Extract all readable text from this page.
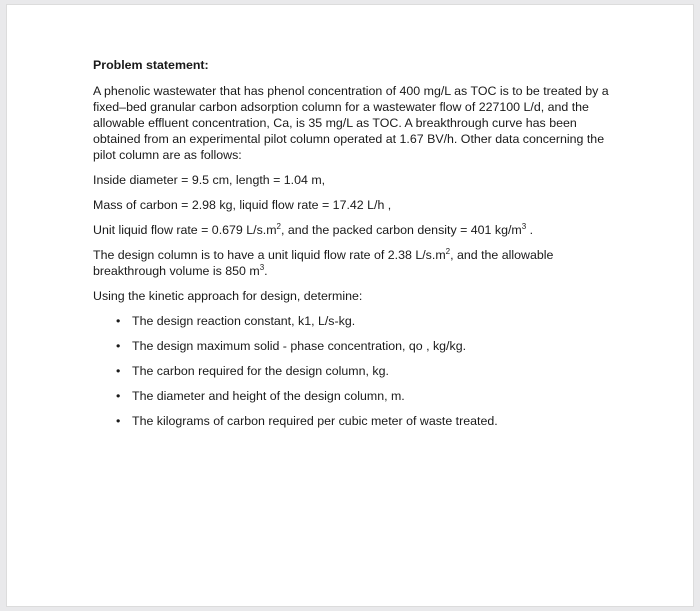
Problem statement:

A phenolic wastewater that has phenol concentration of 400 mg/L as TOC is to be treated by a fixed–bed granular carbon adsorption column for a wastewater flow of 227100 L/d, and the allowable effluent concentration, Ca, is 35 mg/L as TOC. A breakthrough curve has been obtained from an experimental pilot column operated at 1.67 BV/h. Other data concerning the pilot column are as follows:

Inside diameter = 9.5 cm, length = 1.04 m,

Mass of carbon = 2.98 kg, liquid flow rate = 17.42 L/h ,

Unit liquid flow rate = 0.679 $L/s.m^2$, and the packed carbon density = 401 $kg/m^3$ .

The design column is to have a unit liquid flow rate of 2.38 $L/s.m^2$, and the allowable breakthrough volume is 850 $m^3$.

Using the kinetic approach for design, determine:

• The design reaction constant, k1, L/s-kg.
• The design maximum solid - phase concentration, qo , kg/kg.
• The carbon required for the design column, kg.
• The diameter and height of the design column, m.
• The kilograms of carbon required per cubic meter of waste treated.
